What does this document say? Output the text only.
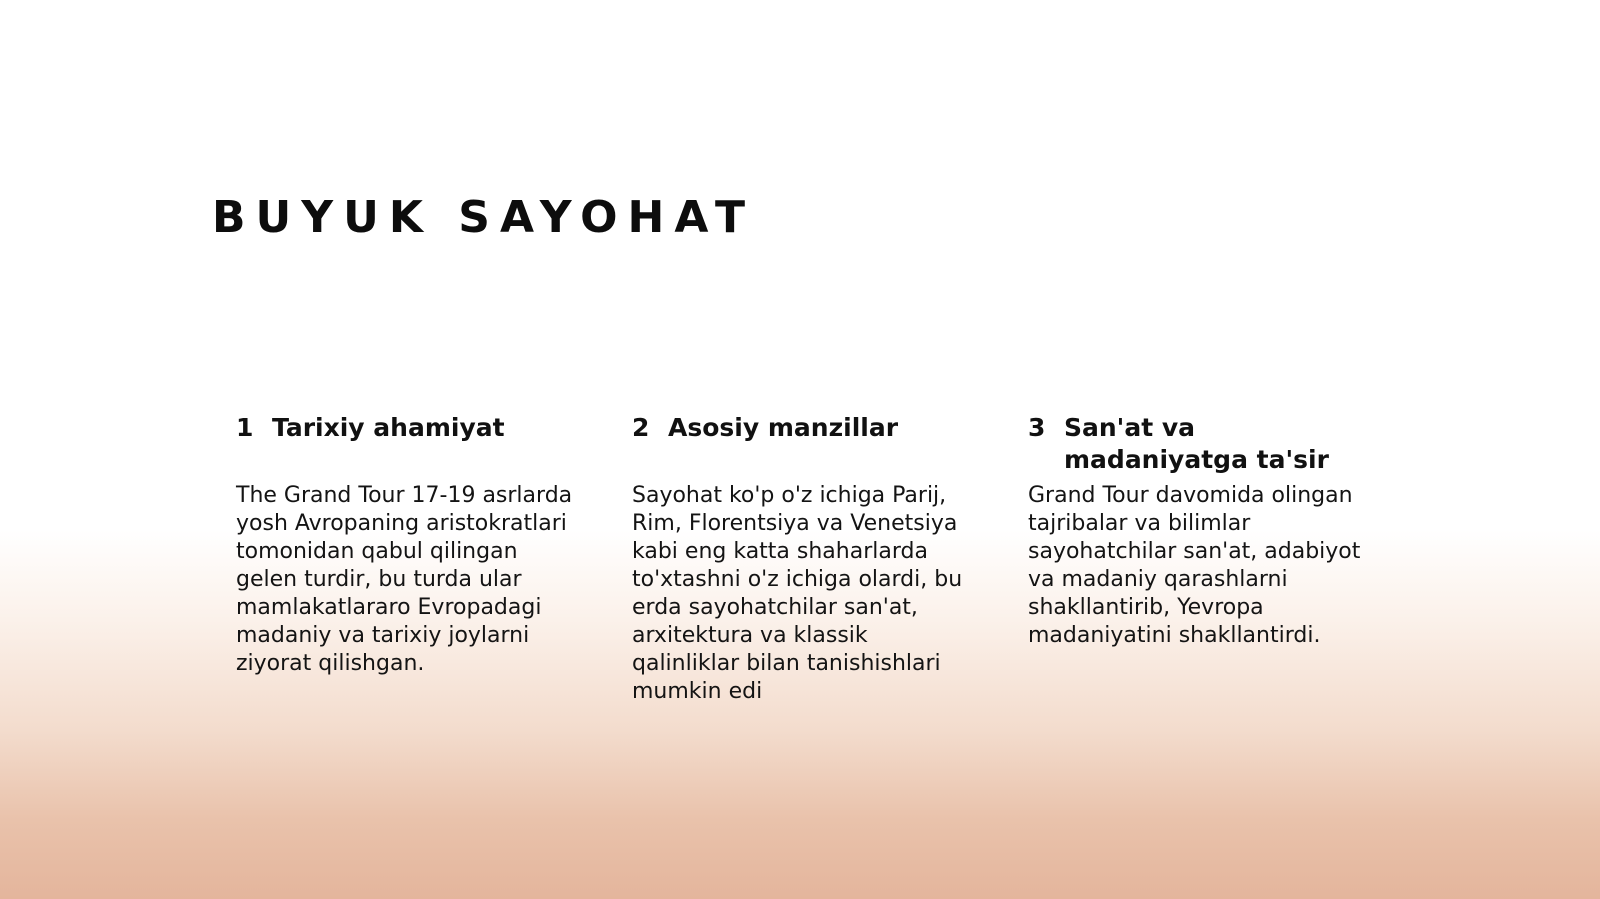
BUYUK SAYOHAT
1 Tarixiy ahamiyat

The Grand Tour 17-19 asrlarda yosh Avropaning aristokratlari tomonidan qabul qilingan gelen turdir, bu turda ular mamlakatlararo Evropadagi madaniy va tarixiy joylarni ziyorat qilishgan.

2 Asosiy manzillar

Sayohat ko'p o'z ichiga Parij, Rim, Florentsiya va Venetsiya kabi eng katta shaharlarda to'xtashni o'z ichiga olardi, bu erda sayohatchilar san'at, arxitektura va klassik qalinliklar bilan tanishishlari mumkin edi

3 San'at va madaniyatga ta'sir

Grand Tour davomida olingan tajribalar va bilimlar sayohatchilar san'at, adabiyot va madaniy qarashlarni shakllantirib, Yevropa madaniyatini shakllantirdi.
